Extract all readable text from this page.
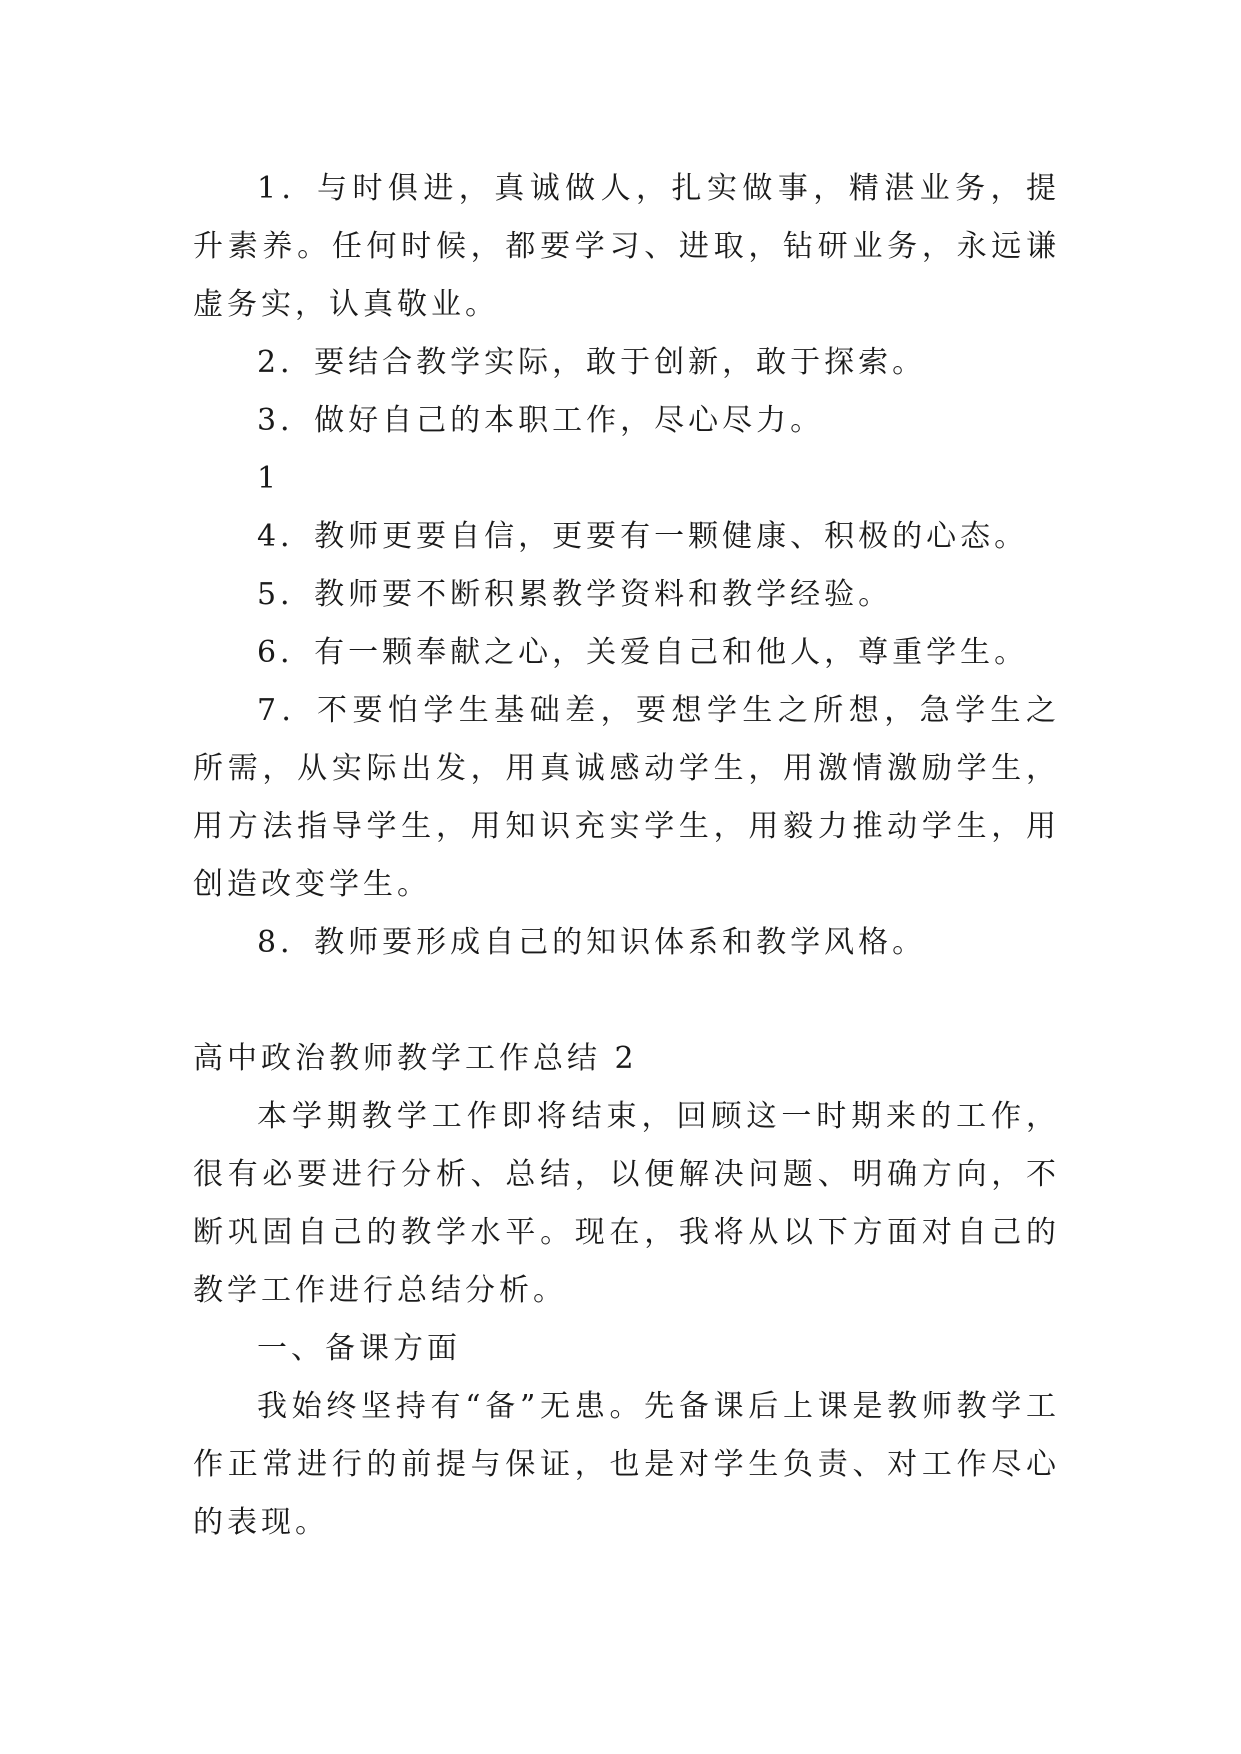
1．与时俱进，真诚做人，扎实做事，精湛业务，提升素养。任何时候，都要学习、进取，钻研业务，永远谦虚务实，认真敬业。

2．要结合教学实际，敢于创新，敢于探索。

3．做好自己的本职工作，尽心尽力。

1

4．教师更要自信，更要有一颗健康、积极的心态。

5．教师要不断积累教学资料和教学经验。

6．有一颗奉献之心，关爱自己和他人，尊重学生。

7．不要怕学生基础差，要想学生之所想，急学生之所需，从实际出发，用真诚感动学生，用激情激励学生，用方法指导学生，用知识充实学生，用毅力推动学生，用创造改变学生。

8．教师要形成自己的知识体系和教学风格。

高中政治教师教学工作总结 2

本学期教学工作即将结束，回顾这一时期来的工作，很有必要进行分析、总结，以便解决问题、明确方向，不断巩固自己的教学水平。现在，我将从以下方面对自己的教学工作进行总结分析。

一、备课方面

我始终坚持有“备”无患。先备课后上课是教师教学工作正常进行的前提与保证，也是对学生负责、对工作尽心的表现。
